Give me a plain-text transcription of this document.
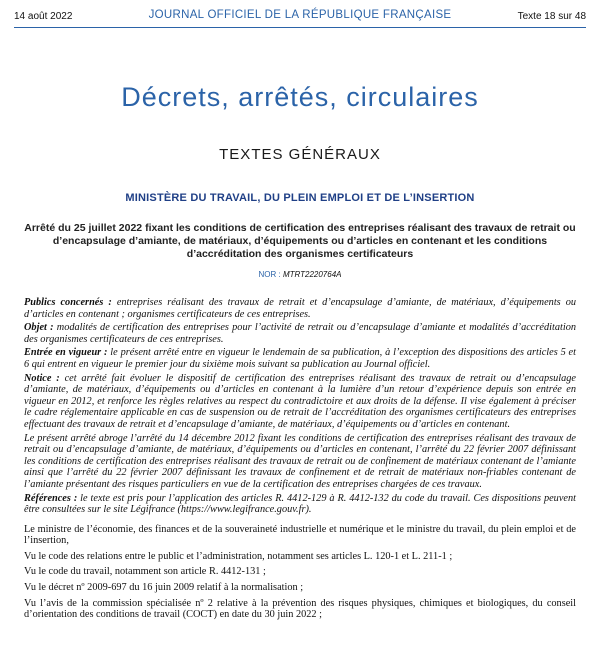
14 août 2022	JOURNAL OFFICIEL DE LA RÉPUBLIQUE FRANÇAISE	Texte 18 sur 48
Décrets, arrêtés, circulaires
TEXTES GÉNÉRAUX
MINISTÈRE DU TRAVAIL, DU PLEIN EMPLOI ET DE L’INSERTION
Arrêté du 25 juillet 2022 fixant les conditions de certification des entreprises réalisant des travaux de retrait ou d’encapsulage d’amiante, de matériaux, d’équipements ou d’articles en contenant et les conditions d’accréditation des organismes certificateurs
NOR : MTRT2220764A

Publics concernés : entreprises réalisant des travaux de retrait et d’encapsulage d’amiante, de matériaux, d’équipements ou d’articles en contenant ; organismes certificateurs de ces entreprises.

Objet : modalités de certification des entreprises pour l’activité de retrait ou d’encapsulage d’amiante et modalités d’accréditation des organismes certificateurs de ces entreprises.

Entrée en vigueur : le présent arrêté entre en vigueur le lendemain de sa publication, à l’exception des dispositions des articles 5 et 6 qui entrent en vigueur le premier jour du sixième mois suivant sa publication au Journal officiel.

Notice : cet arrêté fait évoluer le dispositif de certification des entreprises réalisant des travaux de retrait ou d’encapsulage d’amiante, de matériaux, d’équipements ou d’articles en contenant à la lumière d’un retour d’expérience depuis son entrée en vigueur en 2012, et renforce les règles relatives au respect du contradictoire et aux droits de la défense. Il vise également à préciser le cadre réglementaire applicable en cas de suspension ou de retrait de l’accréditation des organismes certificateurs des entreprises effectuant des travaux de retrait et d’encapsulage d’amiante, de matériaux, d’équipements ou d’articles en contenant.

Le présent arrêté abroge l’arrêté du 14 décembre 2012 fixant les conditions de certification des entreprises réalisant des travaux de retrait ou d’encapsulage d’amiante, de matériaux, d’équipements ou d’articles en contenant, l’arrêté du 22 février 2007 définissant les conditions de certification des entreprises réalisant des travaux de retrait ou de confinement de matériaux contenant de l’amiante ainsi que l’arrêté du 22 février 2007 définissant les travaux de confinement et de retrait de matériaux non-friables contenant de l’amiante présentant des risques particuliers en vue de la certification des entreprises chargées de ces travaux.

Références : le texte est pris pour l’application des articles R. 4412-129 à R. 4412-132 du code du travail. Ces dispositions peuvent être consultées sur le site Légifrance (https://www.legifrance.gouv.fr).

Le ministre de l’économie, des finances et de la souveraineté industrielle et numérique et le ministre du travail, du plein emploi et de l’insertion,

Vu le code des relations entre le public et l’administration, notamment ses articles L. 120-1 et L. 211-1 ;

Vu le code du travail, notamment son article R. 4412-131 ;

Vu le décret nº 2009-697 du 16 juin 2009 relatif à la normalisation ;

Vu l’avis de la commission spécialisée nº 2 relative à la prévention des risques physiques, chimiques et biologiques, du conseil d’orientation des conditions de travail (COCT) en date du 30 juin 2022 ;
